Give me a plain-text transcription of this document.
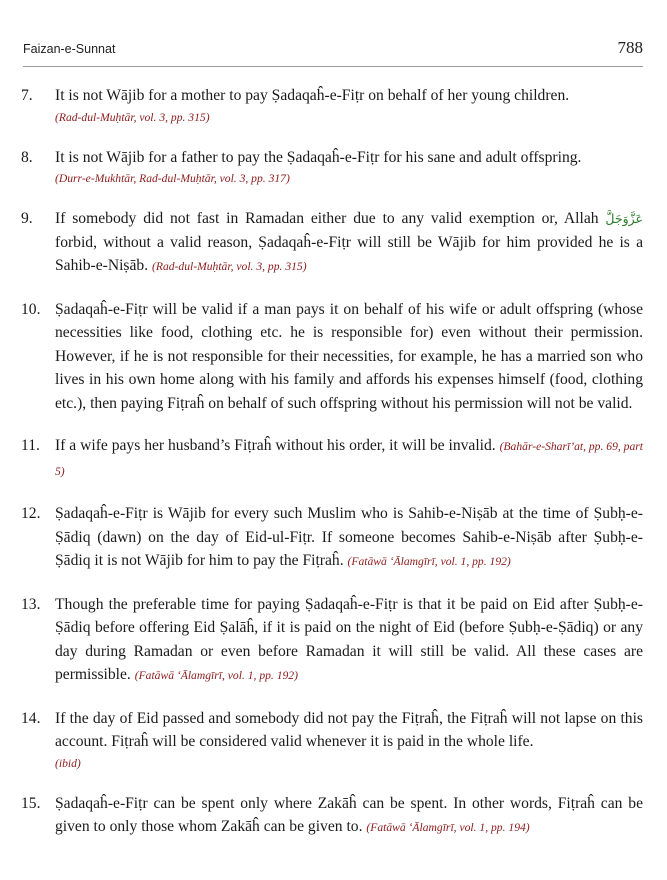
Faizan-e-Sunnat	788
7.	It is not Wājib for a mother to pay Ṣadaqaĥ-e-Fiṭr on behalf of her young children.
(Rad-dul-Muḥtār, vol. 3, pp. 315)
8.	It is not Wājib for a father to pay the Ṣadaqaĥ-e-Fiṭr for his sane and adult offspring.
(Durr-e-Mukhtār, Rad-dul-Muḥtār, vol. 3, pp. 317)
9.	If somebody did not fast in Ramadan either due to any valid exemption or, Allah عَزَّوَجَلَّ forbid, without a valid reason, Ṣadaqaĥ-e-Fiṭr will still be Wājib for him provided he is a Sahib-e-Niṣāb. (Rad-dul-Muḥtār, vol. 3, pp. 315)
10. Ṣadaqaĥ-e-Fiṭr will be valid if a man pays it on behalf of his wife or adult offspring (whose necessities like food, clothing etc. he is responsible for) even without their permission. However, if he is not responsible for their necessities, for example, he has a married son who lives in his own home along with his family and affords his expenses himself (food, clothing etc.), then paying Fiṭraĥ on behalf of such offspring without his permission will not be valid.
11. If a wife pays her husband’s Fiṭraĥ without his order, it will be invalid. (Bahār-e-Sharī’at, pp. 69, part 5)
12. Ṣadaqaĥ-e-Fiṭr is Wājib for every such Muslim who is Sahib-e-Niṣāb at the time of Ṣubḥ-e-Ṣādiq (dawn) on the day of Eid-ul-Fiṭr. If someone becomes Sahib-e-Niṣāb after Ṣubḥ-e-Ṣādiq it is not Wājib for him to pay the Fiṭraĥ. (Fatāwā ‘Ālamgīrī, vol. 1, pp. 192)
13. Though the preferable time for paying Ṣadaqaĥ-e-Fiṭr is that it be paid on Eid after Ṣubḥ-e-Ṣādiq before offering Eid Ṣalāĥ, if it is paid on the night of Eid (before Ṣubḥ-e-Ṣādiq) or any day during Ramadan or even before Ramadan it will still be valid. All these cases are permissible. (Fatāwā ‘Ālamgīrī, vol. 1, pp. 192)
14. If the day of Eid passed and somebody did not pay the Fiṭraĥ, the Fiṭraĥ will not lapse on this account. Fiṭraĥ will be considered valid whenever it is paid in the whole life.
(ibid)
15. Ṣadaqaĥ-e-Fiṭr can be spent only where Zakāĥ can be spent. In other words, Fiṭraĥ can be given to only those whom Zakāĥ can be given to. (Fatāwā ‘Ālamgīrī, vol. 1, pp. 194)
